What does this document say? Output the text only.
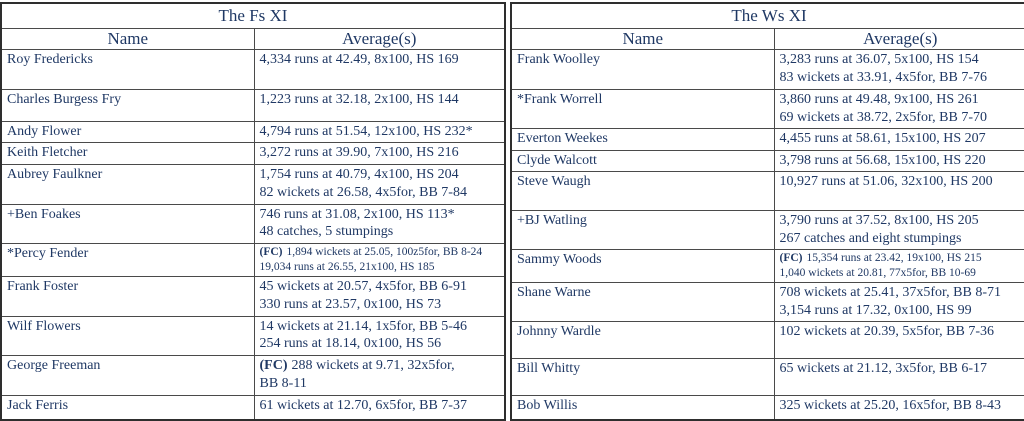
The Fs XI	
Name	Average(s)
Roy Fredericks	4,334 runs at 42.49, 8x100, HS 169

Charles Burgess Fry	1,223 runs at 32.18, 2x100, HS 144

Andy Flower	4,794 runs at 51.54, 12x100, HS 232*

Keith Fletcher	3,272 runs at 39.90, 7x100, HS 216

Aubrey Faulkner	1,754 runs at 40.79, 4x100, HS 204
82 wickets at 26.58, 4x5for, BB 7-84

+Ben Foakes	746 runs at 31.08, 2x100, HS 113*
48 catches, 5 stumpings

*Percy Fender	(FC) 1,894 wickets at 25.05, 100z5for, BB 8-24
19,034 runs at 26.55, 21x100, HS 185

Frank Foster	45 wickets at 20.57, 4x5for, BB 6-91
330 runs at 23.57, 0x100, HS 73

Wilf Flowers	14 wickets at 21.14, 1x5for, BB 5-46
254 runs at 18.14, 0x100, HS 56

George Freeman	(FC) 288 wickets at 9.71, 32x5for,
BB 8-11

Jack Ferris	61 wickets at 12.70, 6x5for, BB 7-37
The Ws XI	
Name	Average(s)
Frank Woolley	3,283 runs at 36.07, 5x100, HS 154
83 wickets at 33.91, 4x5for, BB 7-76

*Frank Worrell	3,860 runs at 49.48, 9x100, HS 261
69 wickets at 38.72, 2x5for, BB 7-70

Everton Weekes	4,455 runs at 58.61, 15x100, HS 207

Clyde Walcott	3,798 runs at 56.68, 15x100, HS 220

Steve Waugh	10,927 runs at 51.06, 32x100, HS 200

+BJ Watling	3,790 runs at 37.52, 8x100, HS 205
267 catches and eight stumpings

Sammy Woods	(FC) 15,354 runs at 23.42, 19x100, HS 215
1,040 wickets at 20.81, 77x5for, BB 10-69

Shane Warne	708 wickets at 25.41, 37x5for, BB 8-71
3,154 runs at 17.32, 0x100, HS 99

Johnny Wardle	102 wickets at 20.39, 5x5for, BB 7-36

Bill Whitty	65 wickets at 21.12, 3x5for, BB 6-17

Bob Willis	325 wickets at 25.20, 16x5for, BB 8-43
